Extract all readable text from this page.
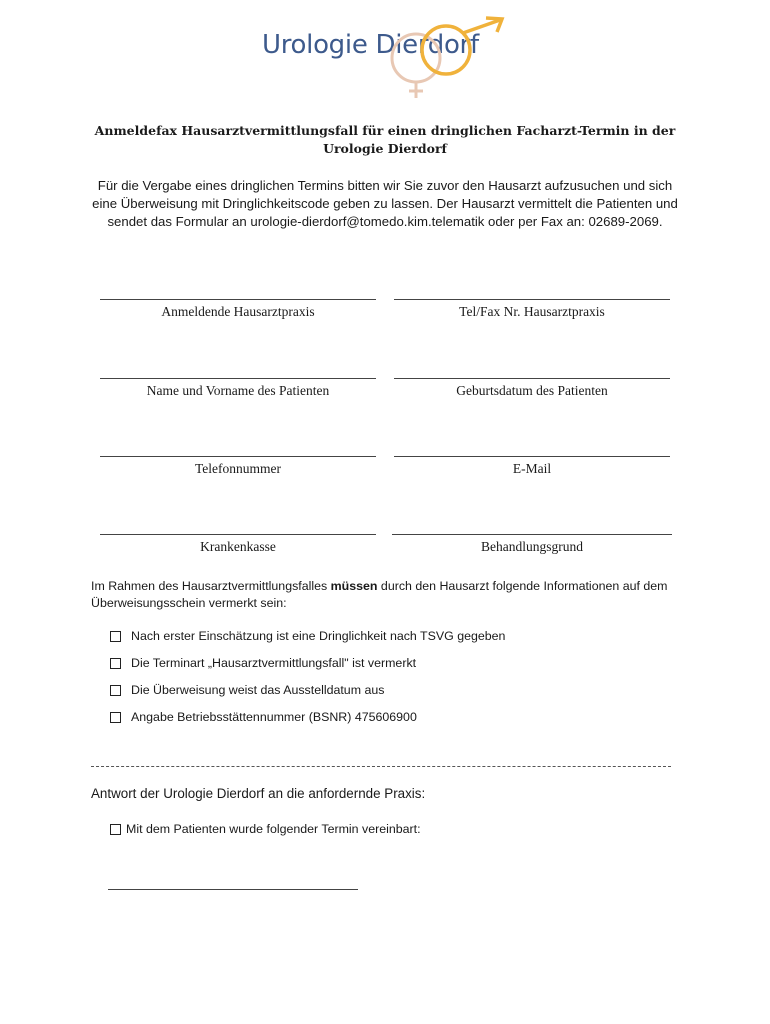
Urologie Dierdorf
Anmeldefax Hausarztvermittlungsfall für einen dringlichen Facharzt-Termin in der Urologie Dierdorf
Für die Vergabe eines dringlichen Termins bitten wir Sie zuvor den Hausarzt aufzusuchen und sich eine Überweisung mit Dringlichkeitscode geben zu lassen. Der Hausarzt vermittelt die Patienten und sendet das Formular an urologie-dierdorf@tomedo.kim.telematik oder per Fax an: 02689-2069.
Anmeldende Hausarztpraxis	Tel/Fax Nr. Hausarztpraxis
Name und Vorname des Patienten	Geburtsdatum des Patienten
Telefonnummer	E-Mail
Krankenkasse	Behandlungsgrund
Im Rahmen des Hausarztvermittlungsfalles müssen durch den Hausarzt folgende Informationen auf dem Überweisungsschein vermerkt sein:
Nach erster Einschätzung ist eine Dringlichkeit nach TSVG gegeben
Die Terminart „Hausarztvermittlungsfall" ist vermerkt
Die Überweisung weist das Ausstelldatum aus
Angabe Betriebsstättennummer (BSNR) 475606900
Antwort der Urologie Dierdorf an die anfordernde Praxis:
Mit dem Patienten wurde folgender Termin vereinbart:
